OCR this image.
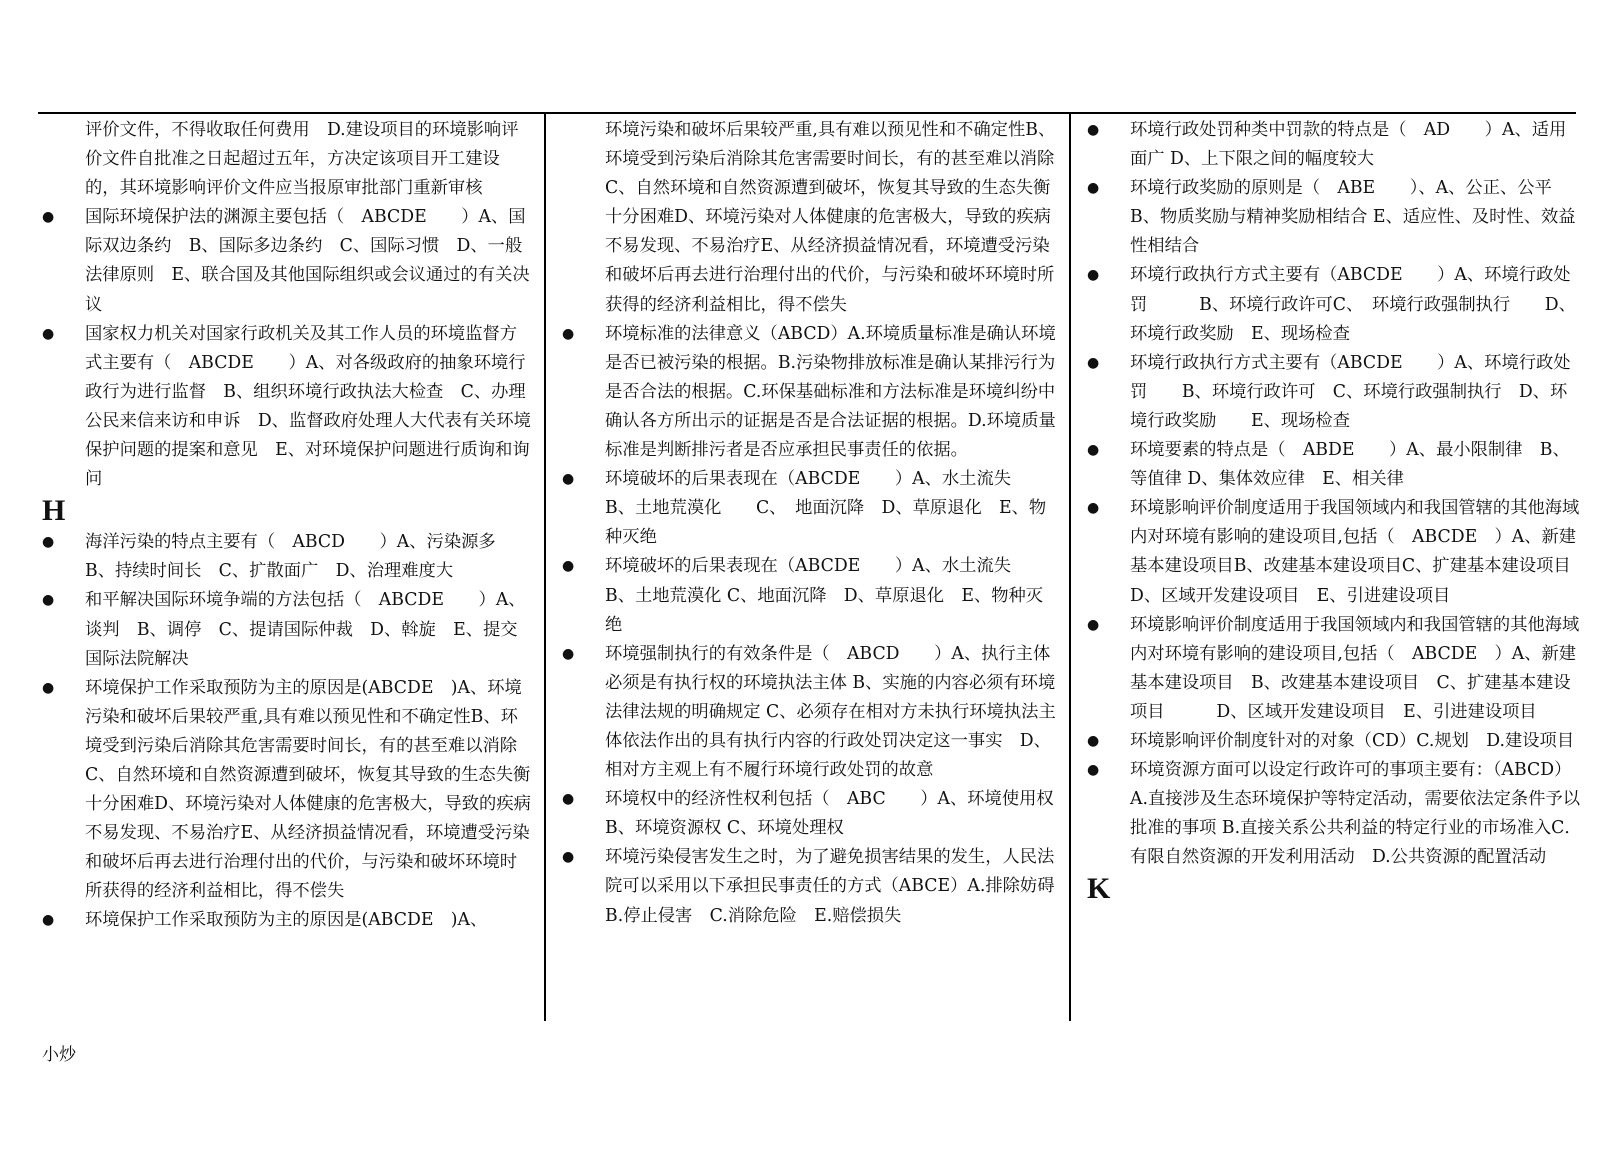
评价文件，不得收取任何费用　D.建设项目的环境影响评价文件自批准之日起超过五年，方决定该项目开工建设的，其环境影响评价文件应当报原审批部门重新审核
● 国际环境保护法的渊源主要包括（　ABCDE　　）A、国际双边条约　B、国际多边条约　C、国际习惯　D、一般法律原则　E、联合国及其他国际组织或会议通过的有关决议
● 国家权力机关对国家行政机关及其工作人员的环境监督方式主要有（　ABCDE　　）A、对各级政府的抽象环境行政行为进行监督　B、组织环境行政执法大检查　C、办理公民来信来访和申诉　D、监督政府处理人大代表有关环境保护问题的提案和意见　E、对环境保护问题进行质询和询问
H
● 海洋污染的特点主要有（　ABCD　　）A、污染源多　B、持续时间长　C、扩散面广　D、治理难度大
● 和平解决国际环境争端的方法包括（　ABCDE　　）A、谈判　B、调停　C、提请国际仲裁　D、斡旋　E、提交国际法院解决
● 环境保护工作采取预防为主的原因是(ABCDE　)A、环境污染和破坏后果较严重,具有难以预见性和不确定性B、环境受到污染后消除其危害需要时间长，有的甚至难以消除C、自然环境和自然资源遭到破坏，恢复其导致的生态失衡十分困难D、环境污染对人体健康的危害极大，导致的疾病不易发现、不易治疗E、从经济损益情况看，环境遭受污染和破坏后再去进行治理付出的代价，与污染和破坏环境时所获得的经济利益相比，得不偿失
● 环境保护工作采取预防为主的原因是(ABCDE　)A、
环境污染和破坏后果较严重,具有难以预见性和不确定性B、环境受到污染后消除其危害需要时间长，有的甚至难以消除C、自然环境和自然资源遭到破坏，恢复其导致的生态失衡十分困难D、环境污染对人体健康的危害极大，导致的疾病不易发现、不易治疗E、从经济损益情况看，环境遭受污染和破坏后再去进行治理付出的代价，与污染和破坏环境时所获得的经济利益相比，得不偿失
● 环境标准的法律意义（ABCD）A.环境质量标准是确认环境是否已被污染的根据。B.污染物排放标准是确认某排污行为是否合法的根据。C.环保基础标准和方法标准是环境纠纷中确认各方所出示的证据是否是合法证据的根据。D.环境质量标准是判断排污者是否应承担民事责任的依据。
● 环境破坏的后果表现在（ABCDE　　）A、水土流失　　　B、土地荒漠化　　C、　地面沉降　D、草原退化　E、物种灭绝
● 环境破坏的后果表现在（ABCDE　　）A、水土流失　B、土地荒漠化 C、地面沉降　D、草原退化　E、物种灭绝
● 环境强制执行的有效条件是（　ABCD　　）A、执行主体必须是有执行权的环境执法主体 B、实施的内容必须有环境法律法规的明确规定 C、必须存在相对方未执行环境执法主体依法作出的具有执行内容的行政处罚决定这一事实　D、相对方主观上有不履行环境行政处罚的故意
● 环境权中的经济性权利包括（　ABC　　）A、环境使用权　B、环境资源权 C、环境处理权
● 环境污染侵害发生之时，为了避免损害结果的发生，人民法院可以采用以下承担民事责任的方式（ABCE）A.排除妨碍 B.停止侵害　C.消除危险　E.赔偿损失
● 环境行政处罚种类中罚款的特点是（　AD　　）A、适用面广 D、上下限之间的幅度较大
● 环境行政奖励的原则是（　ABE　　）、A、公正、公平 B、物质奖励与精神奖励相结合 E、适应性、及时性、效益性相结合
● 环境行政执行方式主要有（ABCDE　　）A、环境行政处罚　　　B、环境行政许可C、　环境行政强制执行　　D、环境行政奖励　E、现场检查
● 环境行政执行方式主要有（ABCDE　　）A、环境行政处罚　　B、环境行政许可　C、环境行政强制执行　D、环境行政奖励　　E、现场检查
● 环境要素的特点是（　ABDE　　）A、最小限制律　B、等值律 D、集体效应律　E、相关律
● 环境影响评价制度适用于我国领域内和我国管辖的其他海域内对环境有影响的建设项目,包括（　ABCDE　）A、新建基本建设项目B、改建基本建设项目C、扩建基本建设项目　D、区域开发建设项目　E、引进建设项目
● 环境影响评价制度适用于我国领域内和我国管辖的其他海域内对环境有影响的建设项目,包括（　ABCDE　）A、新建基本建设项目　B、改建基本建设项目　C、扩建基本建设项目　　　D、区域开发建设项目　E、引进建设项目
● 环境影响评价制度针对的对象（CD）C.规划　D.建设项目
● 环境资源方面可以设定行政许可的事项主要有：（ABCD）A.直接涉及生态环境保护等特定活动，需要依法定条件予以批准的事项 B.直接关系公共利益的特定行业的市场准入C．有限自然资源的开发利用活动　D.公共资源的配置活动
K
小炒
